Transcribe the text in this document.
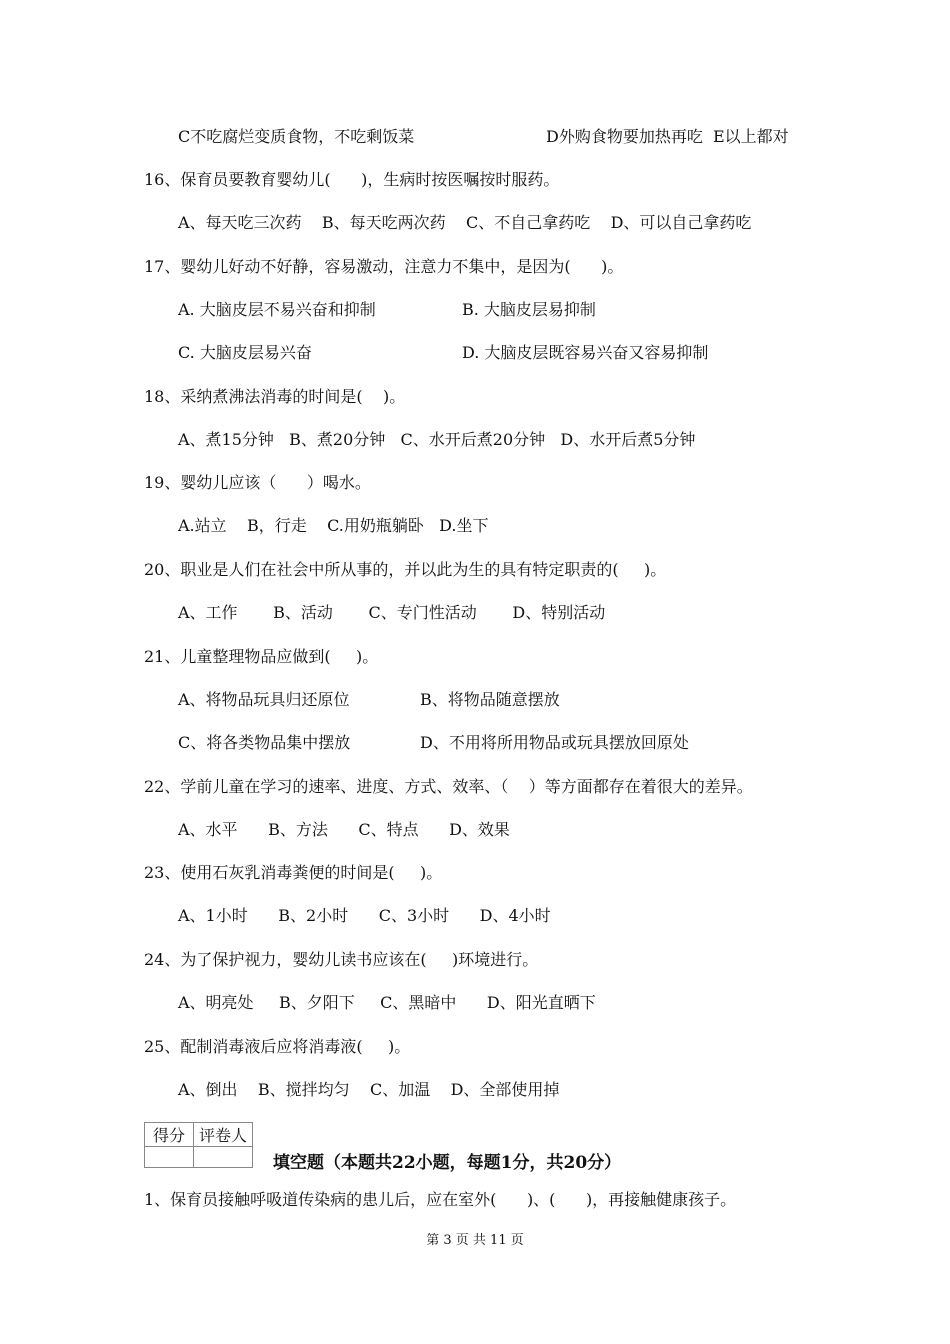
C不吃腐烂变质食物，不吃剩饭菜	D外购食物要加热再吃  E以上都对
16、保育员要教育婴幼儿(      )，生病时按医嘱按时服药。
A、每天吃三次药    B、每天吃两次药    C、不自己拿药吃    D、可以自己拿药吃
17、婴幼儿好动不好静，容易激动，注意力不集中，是因为(      )。
A. 大脑皮层不易兴奋和抑制	B. 大脑皮层易抑制
C. 大脑皮层易兴奋	D. 大脑皮层既容易兴奋又容易抑制
18、采纳煮沸法消毒的时间是(    )。
A、煮15分钟   B、煮20分钟   C、水开后煮20分钟   D、水开后煮5分钟
19、婴幼儿应该（      ）喝水。
A.站立    B，行走    C.用奶瓶躺卧   D.坐下
20、职业是人们在社会中所从事的，并以此为生的具有特定职责的(     )。
A、工作       B、活动       C、专门性活动       D、特别活动
21、儿童整理物品应做到(     )。
A、将物品玩具归还原位	B、将物品随意摆放
C、将各类物品集中摆放	D、不用将所用物品或玩具摆放回原处
22、学前儿童在学习的速率、进度、方式、效率、（    ）等方面都存在着很大的差异。
A、水平      B、方法      C、特点      D、效果
23、使用石灰乳消毒粪便的时间是(     )。
A、1小时      B、2小时      C、3小时      D、4小时
24、为了保护视力，婴幼儿读书应该在(     )环境进行。
A、明亮处     B、夕阳下     C、黑暗中      D、阳光直晒下
25、配制消毒液后应将消毒液(     )。
A、倒出    B、搅拌均匀    C、加温    D、全部使用掉
得分	评卷人

填空题（本题共22小题，每题1分，共20分）
1、保育员接触呼吸道传染病的患儿后，应在室外(      )、(      )，再接触健康孩子。
第 3 页 共 11 页
